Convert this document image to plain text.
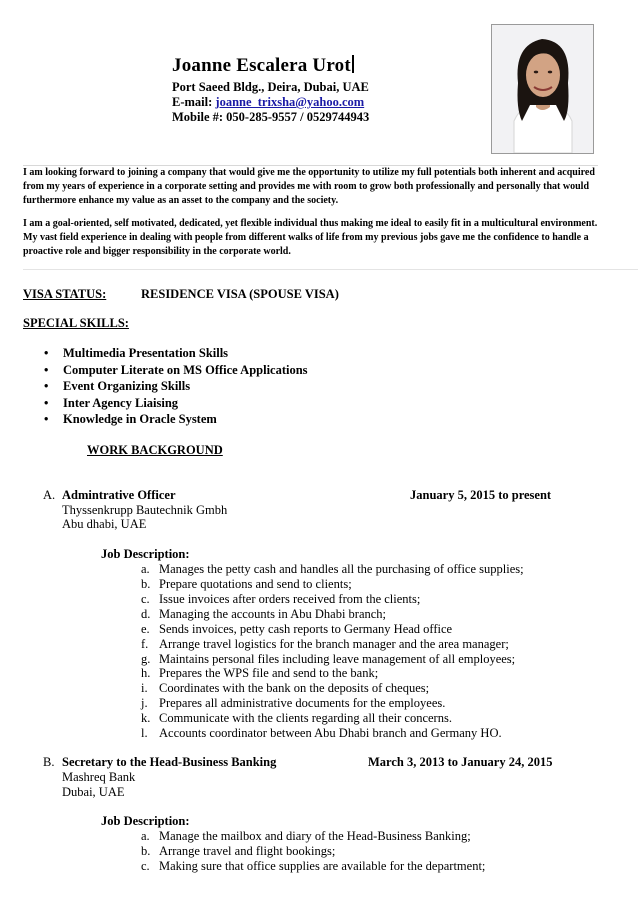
Joanne Escalera Urot
Port Saeed Bldg., Deira, Dubai, UAE
E-mail: joanne_trixsha@yahoo.com
Mobile #: 050-285-9557 / 0529744943
I am looking forward to joining a company that would give me the opportunity to utilize my full potentials both inherent and acquired from my years of experience in a corporate setting and provides me with room to grow both professionally and personally that would furthermore enhance my value as an asset to the company and the society.
I am a goal-oriented, self motivated, dedicated, yet flexible individual thus making me ideal to easily fit in a multicultural environment. My vast field experience in dealing with people from different walks of life from my previous jobs gave me the confidence to handle a proactive role and bigger responsibility in the corporate world.
VISA STATUS:	RESIDENCE VISA (SPOUSE VISA)
SPECIAL SKILLS:
• Multimedia Presentation Skills
• Computer Literate on MS Office Applications
• Event Organizing Skills
• Inter Agency Liaising
• Knowledge in Oracle System
WORK BACKGROUND
A. Admintrative Officer	January 5, 2015 to present
Thyssenkrupp Bautechnik Gmbh
Abu dhabi, UAE
Job Description:
a. Manages the petty cash and handles all the purchasing of office supplies;
b. Prepare quotations and send to clients;
c. Issue invoices after orders received from the clients;
d. Managing the accounts in Abu Dhabi branch;
e. Sends invoices, petty cash reports to Germany Head office
f. Arrange travel logistics for the branch manager and the area manager;
g. Maintains personal files including leave management of all employees;
h. Prepares the WPS file and send to the bank;
i. Coordinates with the bank on the deposits of cheques;
j. Prepares all administrative documents for the employees.
k. Communicate with the clients regarding all their concerns.
l. Accounts coordinator between Abu Dhabi branch and Germany HO.
B. Secretary to the Head-Business Banking	March 3, 2013 to January 24, 2015
Mashreq Bank
Dubai, UAE
Job Description:
a. Manage the mailbox and diary of the Head-Business Banking;
b. Arrange travel and flight bookings;
c. Making sure that office supplies are available for the department;
